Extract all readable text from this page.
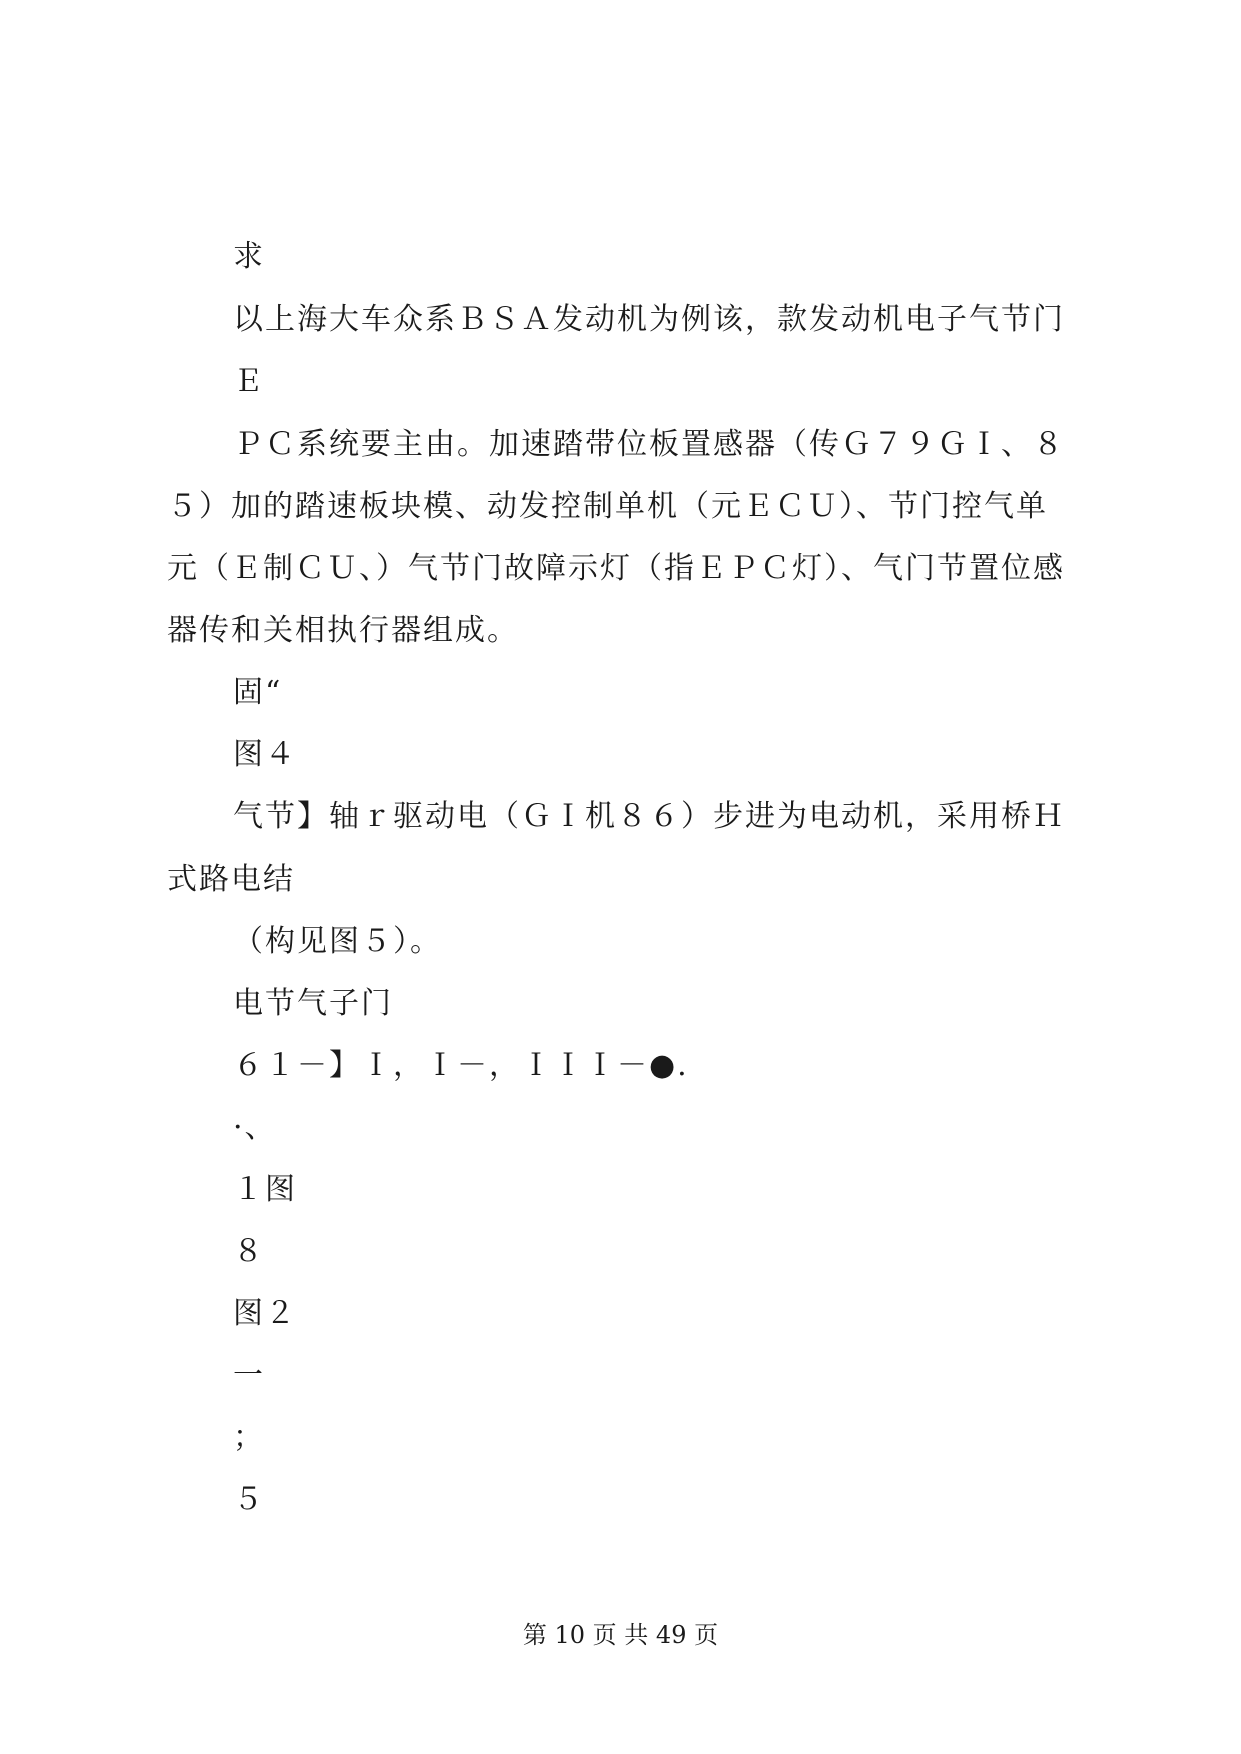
求
以上海大车众系ＢＳＡ发动机为例该，款发动机电子气节门
Ｅ
ＰＣ系统要主由。加速踏带位板置感器（传Ｇ７９ＧＩ、８
５）加的踏速板块模、动发控制单机（元ＥＣＵ）、节门控气单
元（Ｅ制ＣＵ、）气节门故障示灯（指ＥＰＣ灯）、气门节置位感
器传和关相执行器组成。
固“
图４
气节】轴ｒ驱动电（ＧＩ机８６）步进为电动机，采用桥Ｈ
式路电结
（构见图５）。
电节气子门
６１－】Ｉ，Ｉ－，ＩＩＩ－●.
·、
１图
８
图２
一
；
５
第 10 页 共 49 页
